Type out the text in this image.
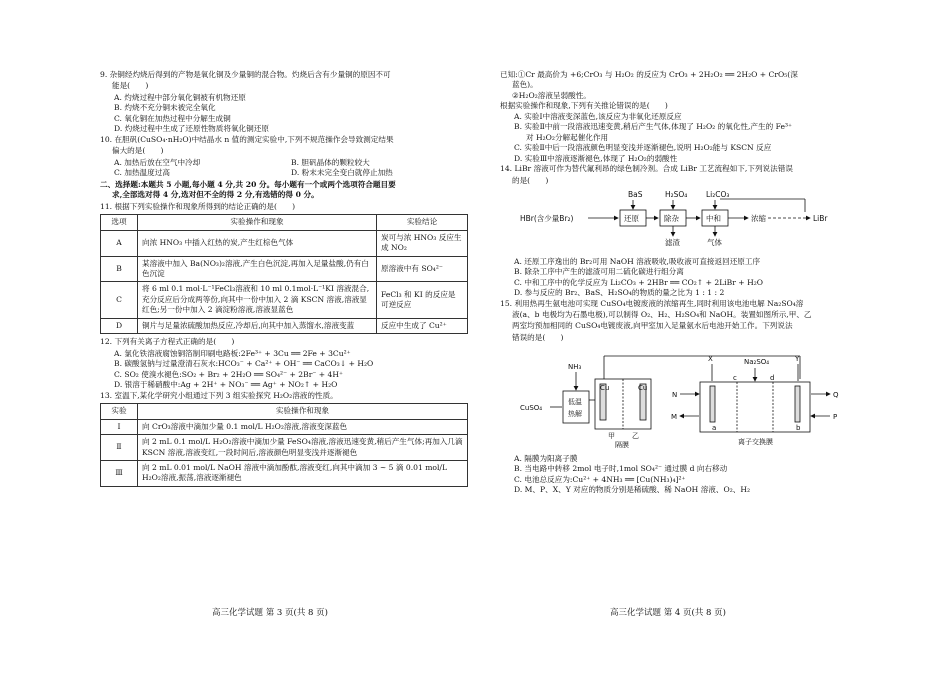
9. 杂铜经灼烧后得到的产物是氧化铜及少量铜的混合物。灼烧后含有少量铜的原因不可
能是(　　)
A. 灼烧过程中部分氧化铜被有机物还原
B. 灼烧不充分铜未被完全氧化
C. 氧化铜在加热过程中分解生成铜
D. 灼烧过程中生成了还原性物质将氧化铜还原
10. 在胆矾(CuSO₄·nH₂O)中结晶水 n 值的测定实验中,下列不规范操作会导致测定结果
偏大的是(　　)
A. 加热后放在空气中冷却	B. 胆矾晶体的颗粒较大
C. 加热温度过高	D. 粉末未完全变白就停止加热
二、选择题:本题共 5 小题,每小题 4 分,共 20 分。每小题有一个或两个选项符合题目要
求,全部选对得 4 分,选对但不全的得 2 分,有选错的得 0 分。
11. 根据下列实验操作和现象所得到的结论正确的是(　　)
选项	实验操作和现象	实验结论
A	向浓 HNO₃ 中插入红热的炭,产生红棕色气体	炭可与浓 HNO₃ 反应生成 NO₂
B	某溶液中加入 Ba(NO₃)₂溶液,产生白色沉淀,再加入足量盐酸,仍有白色沉淀	原溶液中有 SO₄²⁻
C	将 6 ml 0.1 mol·L⁻¹FeCl₃溶液和 10 ml 0.1mol·L⁻¹KI 溶液混合,充分反应后分成两等份,向其中一份中加入 2 滴 KSCN 溶液,溶液显红色;另一份中加入 2 滴淀粉溶液,溶液显蓝色	FeCl₃ 和 KI 的反应是可逆反应
D	铜片与足量浓硫酸加热反应,冷却后,向其中加入蒸馏水,溶液变蓝	反应中生成了 Cu²⁺
12. 下列有关离子方程式正确的是(　　)
A. 氯化铁溶液腐蚀铜箔制印刷电路板:2Fe³⁺ + 3Cu ══ 2Fe + 3Cu²⁺
B. 碳酸氢钠与过量澄清石灰水:HCO₃⁻ + Ca²⁺ + OH⁻ ══ CaCO₃↓ + H₂O
C. SO₂ 使溴水褪色:SO₂ + Br₂ + 2H₂O ══ SO₄²⁻ + 2Br⁻ + 4H⁺
D. 银溶于稀硝酸中:Ag + 2H⁺ + NO₃⁻ ══ Ag⁺ + NO₂↑ + H₂O
13. 室温下,某化学研究小组通过下列 3 组实验探究 H₂O₂溶液的性质。
实验	实验操作和现象
Ⅰ	向 CrO₃溶液中滴加少量 0.1 mol/L H₂O₂溶液,溶液变深蓝色
Ⅱ	向 2 mL 0.1 mol/L H₂O₂溶液中滴加少量 FeSO₄溶液,溶液迅速变黄,稍后产生气体;再加入几滴 KSCN 溶液,溶液变红,一段时间后,溶液颜色明显变浅并逐渐褪色
Ⅲ	向 2 mL 0.01 mol/L NaOH 溶液中滴加酚酞,溶液变红,向其中滴加 3 ~ 5 滴 0.01 mol/L H₂O₂溶液,振荡,溶液逐渐褪色
已知:①Cr 最高价为 +6;CrO₃ 与 H₂O₂ 的反应为 CrO₃ + 2H₂O₂ ══ 2H₂O + CrO₅(深
蓝色)。
②H₂O₂溶液呈弱酸性。
根据实验操作和现象,下列有关推论错误的是(　　)
A. 实验Ⅰ中溶液变深蓝色,该反应为非氧化还原反应
B. 实验Ⅱ中前一段溶液迅速变黄,稍后产生气体,体现了 H₂O₂ 的氧化性,产生的 Fe³⁺
对 H₂O₂分解起催化作用
C. 实验Ⅱ中后一段溶液颜色明显变浅并逐渐褪色,说明 H₂O₂能与 KSCN 反应
D. 实验Ⅲ中溶液逐渐褪色,体现了 H₂O₂的弱酸性
14. LiBr 溶液可作为替代氟利昂的绿色制冷剂。合成 LiBr 工艺流程如下,下列说法错误
的是(　　)
BaS	H₂SO₄ Li₂CO₃
HBr(含少量Br₂)	还原	除杂	中和	浓缩	LiBr
滤渣	气体
A. 还原工序逸出的 Br₂可用 NaOH 溶液吸收,吸收液可直接返回还原工序
B. 除杂工序中产生的滤渣可用二硫化碳进行组分离
C. 中和工序中的化学反应为 Li₂CO₃ + 2HBr ══ CO₂↑ + 2LiBr + H₂O
D. 参与反应的 Br₂、BaS、H₂SO₄的物质的量之比为 1 : 1 : 2
15. 利用热再生氨电池可实现 CuSO₄电镀废液的浓缩再生,同时利用该电池电解 Na₂SO₄溶
液(a、b 电极均为石墨电极),可以制得 O₂、H₂、H₂SO₄和 NaOH。装置如图所示,甲、乙
两室均预加相同的 CuSO₄电镀废液,向甲室加入足量氨水后电池开始工作。下列说法
错误的是(　　)
NH₃
CuSO₄
低温
热解
Cu	Cu
甲 乙
隔膜
X	Y
Na₂SO₄
a	b
c	d
N
M
Q
P
离子交换膜
A. 隔膜为阳离子膜
B. 当电路中转移 2mol 电子时,1mol SO₄²⁻ 通过膜 d 向右移动
C. 电池总反应为:Cu²⁺ + 4NH₃ ══ [Cu(NH₃)₄]²⁺
D. M、P、X、Y 对应的物质分别是稀硫酸、稀 NaOH 溶液、O₂、H₂
高三化学试题 第 3 页(共 8 页)	高三化学试题 第 4 页(共 8 页)
